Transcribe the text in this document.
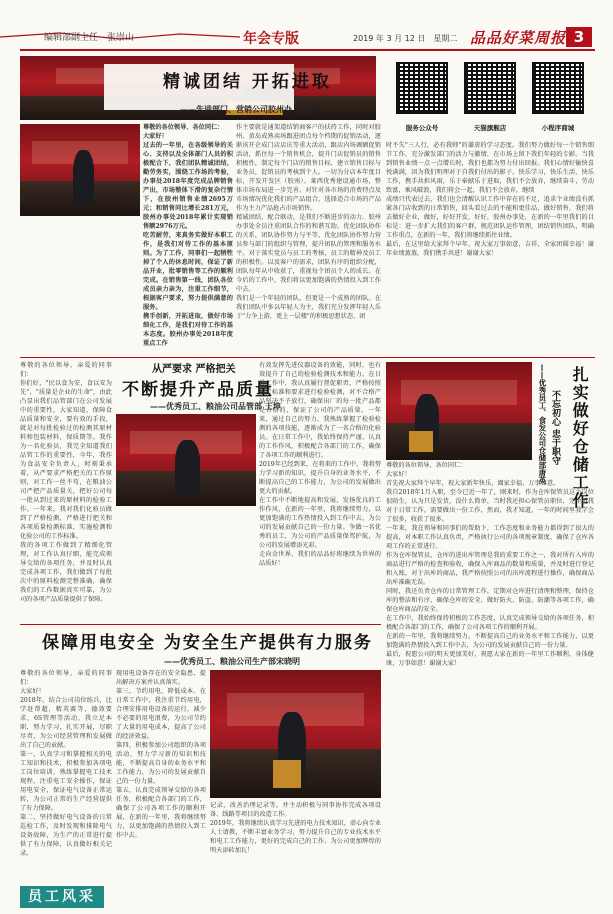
编辑部副主任　张崇山	年会专版	2019 年 3 月 12 日　星期二 品品好菜周报 3
精诚团结 开拓进取
——先进部门、营销公司胶州办 吴庆辉
尊敬的各位领导、各位同仁：
大家好！
过去的一年里，在各级领导的关心、支持以及全体部门人员的积极配合下，我们团队精诚团结，勤劳务实，围绕工作场的考验，办事处2018年度完成品牌销售产出，市场整体下滑的复杂行情下，在胶州销售业绩2695万元；和销售同比增长281万元，胶州办事处2018年累计实现销售额2976万元。
吃苦耐劳，来真务实做好本职工作，是我们对待工作的基本原则。为了工作，同事们一起牺牲掉了个人的休息时间，保证了新品开业，批零销售等工作的顺利完成。在销售第一线，团队各位成员亲力亲为，注重工作细节，根据客户要求，努力提供满意的服务。
携手创新，开拓进取，做好市场细化工作，是我们对待工作的基本态度。胶州办事处2018年度重点工作
作主要就是通架道结销商客户的扶持工作，同时对胶州、黄岛成熟卖场跟进团点每个档期的促销活动，逐渐该开企成门店店庆等重大活动，跟店内场调额促销活动，抓住每一个销售机会，提升门店促销员的销售积极性，制定每个门店的销售目标，建立销售目标与业务员，促销员的考核到个人。一切为分店本年度目标，开发开发区（胶南）、莱西优秀建设通市场，整体市场布局进一步完善，对针对各市场的消费特点及市场情况优化我们的产品组合，选择适合市场的产品作为主力产品抢占市场销售。
精诚团结，配合联动，是我们不断进步的动力。胶州办事处全员注重团队合作的和谐互助。优化团队协作的关系，团队协作努力与平等，优化团队协作努力营员参与部门的组织与管理，提升团队的管理和服务水平。对于落实党员与员工的考核，员工的精神及员工的积极性。以及客户的需求，团队有序的组织分配，团队每年从中收获了，重视每个团员个人的成长。在今后的工作中，我们将以更加饱满的热情投入到工作中去。
我们是一个年轻的团队，但更是一个成熟的团队。在我们团队中多以年轻人为主，我们充分发挥年轻人乐于"力争上游，更上一层楼"的积极思想状态，团
服务公众号	天猫旗舰店	小程序商城
时不失"三人行，必有我师"的谦虚的学习态度。我们努力做好每一个销售细节工作，充分激发部门的活力与激情，在市场上留下我们年轻的专影。当我到销售业绩一点一点增长时，我们也都为努力付出回报。我们心情好愉快喜悦满满，因为我们明理对于自我们付出的影子，快乐学习，快乐生活，快乐工作，携手共担风雨，乐于奉献乐于进取，我们不会放弃，继续奋斗，劳动致富，乘风破浪，我们将会一起，我们不会放弃，继续
成绩只代表过去，我们也会清醒认识工作中存在的不足，追求个业绩没有抓紧各门店收到的日常销售，回头看过去的不能和更佳品，做好销售，我们将去做好企业，做好，好好开发，好好，胶州办事处，在新的一年里我们的目标是：进一步扩大我们的客户群，规范团队运作管理，团结销售团队，明确工作重点，在新的一年，我们将继续抓住业绩。
最后，在这里给大家拜个早年，祝大家万事如意，吉祥，全家团圆幸福！谢年业绩蒸蒸，我们携手共进！谢谢大家！
尊敬的各位领导，亲爱的同事们：
你们好，"民以食为安，食以安为先"，"质量是企业的生命"，由此凸显出我们品管部门在公司发展中的重要性，大家知道，保障食品质量和安全，要有效的手段，就是对每批检验过的检测其原材料和包装材料，保质期等。我作为一名化验员，我完全知道我们品管工作的重要性，今年，我作为食品安全负责人，时刻秉承着，从严要求严格把关的工作原则，对工作一丝不苟，在粮油公司严把产品质量关，把好公司每一批从到过来的原材料的检验工作。一年来，我对我们化验员做到了严格检测，严格进行把关和各项质量检测标准，实施检测和化验公司的工作标准。
我的各项工作做到了精细化管理，对工作认真仔细，能完成领导交给的各项任务，并及时认真完成各项工作，我们做到了每批次中的原料检测完整准确，确保我们的工作数据真实可靠，为公司的各项产品质量提供了保障。
从严要求 严格把关
不断提升产品质量
——优秀员工、粮油公司品管部 王坤
有效发挥先进仪器设备的效能，同时，也有效提升了自己的检验检测技术和能力。在日常工作中，我认真履行督促职责，严格按照规定标准和要求进行检验检测，对不合格产品坚决不予放行，确保出厂的每一批产品都是合格的，保证了公司的产品质量。一年来，通过自己的努力，我熟练掌握了检验检测的各项技能，逐渐成为了一名合格的化验员。在日常工作中，我始终保持严谨、认真的工作作风，积极配合各部门的工作，确保了各项工作的顺利进行。
2019年已经到来，在将来的工作中，我将努力学习新的知识，提升自身的业务水平，不断提高自己的工作能力，为公司的发展做出更大的贡献。
在工作中不断地提高和发展，发扬优良的工作作风，在新的一年里，我将继续努力，以更加饱满的工作热情投入到工作中去，为公司的发展贡献自己的一份力量。争做一名优秀的员工，为公司的产品质量保驾护航，为公司的发展增添光彩。
走向金世界，我们的品品好将继续为世界的品质好！
扎实做好仓储工作
不忘初心 忠于职守
——优秀员工、食发公司仓储部唐英
尊敬的各位领导、各位同仁：
大家好！
首先祝大家拜个早年，祝大家新年快乐，阖家幸福，万事如意。
我自2018年1月入职，至今已近一年了，刚来时，作为仓库保管员这个岗位很陌生，认为只是发货，没什么简单，当时我还担心保管员职位，完全把我对于日常工作，需要做出一份工作，然而，我才知道，一年的时间里我学会了很多，收获了很多。
一年来，我在领导和同事们的帮助下，工作态度和业务能力都得到了很大的提高，对本职工作认真负责，严格执行公司的各项规章制度，确保了仓库各项工作的正常进行。
作为仓库保管员，仓库的进出库管理是我的重要工作之一，我对所有入库的商品进行严格的检查和验收，确保入库商品的数量和质量，并及时进行登记和入账，对于出库的商品，我严格按照公司的出库流程进行操作，确保商品出库准确无误。
同时，我还负责仓库的日常管理工作，定期对仓库进行清理和整理，保持仓库的整洁和有序，确保仓库的安全，做好防火、防盗、防潮等各项工作，确保仓库商品的安全。
在工作中，我始终保持积极的工作态度，认真完成领导交给的各项任务，积极配合各部门的工作，确保了公司各项工作的顺利开展。
在新的一年里，我将继续努力，不断提高自己的业务水平和工作能力，以更加饱满的热情投入到工作中去，为公司的发展贡献自己的一份力量。
最后，祝愿公司的明天更加美好，祝愿大家在新的一年里工作顺利，身体健康，万事如意！谢谢大家！
保障用电安全 为安全生产提供有力服务
——优秀员工、粮油公司生产部宋晓明
尊敬的各位领导，亲爱的同事们：
大家好！
2018年，结合公司岗位练兵，比学赶帮超，精英赛等，德效要求，6S管理等活动，我立足本职，努力学习，扎实开展，尽职尽责，为公司经营管理和发展做出了自己的贡献。
第一，认真学习和掌握相关的电工知识和技术，积极参加各项电工岗位培训，熟练掌握电工技术规程，注重电工安全操作，保证用电安全，保证电气设备正常运转，为公司正常的生产经营提供了有力保障。
第二，坚持做好电气设备的日常巡检工作，及时发现和排除电气设备故障，为生产的正常进行提供了有力保障，认真做好相关记录。
现用电设备存在的安全隐患，提出解决方案并认真落实。
第三，节约用电，降低成本。在日常工作中，我注重节约用电，合理安排用电设备的运行，减少不必要的用电浪费，为公司节约了大量的用电成本，提高了公司的经济效益。
第四，积极参加公司组织的各项活动，努力学习新的知识和技能，不断提高自身的业务水平和工作能力，为公司的发展贡献自己的一份力量。
第五，认真完成领导交给的各项任务，积极配合各部门的工作，确保了公司各项工作的顺利开展，在新的一年里，我将继续努力，以更加饱满的热情投入到工作中去。
记录，改善治理记录等。并主动积极与同事协作完成各项设备、线路等项目的改造工作。
2019年，我将继续认真学习先进的电力技术知识，虚心向专业人士请教，不断丰富业务学习，努力提升自己的专业技术水平和电工工作能力，更好的完成自己的工作，为公司更加辉煌的明天添砖加瓦！
员工风采
